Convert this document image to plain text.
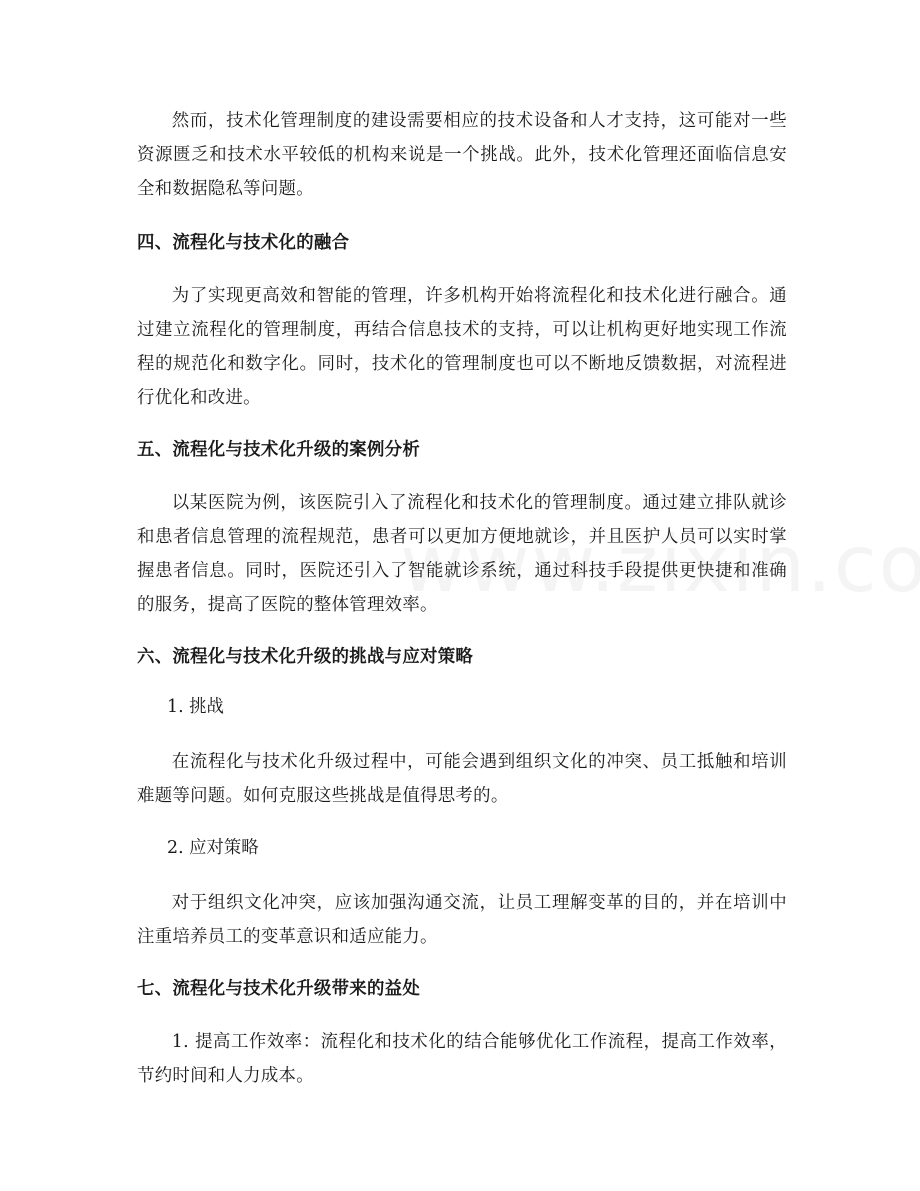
然而，技术化管理制度的建设需要相应的技术设备和人才支持，这可能对一些资源匮乏和技术水平较低的机构来说是一个挑战。此外，技术化管理还面临信息安全和数据隐私等问题。

四、流程化与技术化的融合

为了实现更高效和智能的管理，许多机构开始将流程化和技术化进行融合。通过建立流程化的管理制度，再结合信息技术的支持，可以让机构更好地实现工作流程的规范化和数字化。同时，技术化的管理制度也可以不断地反馈数据，对流程进行优化和改进。

五、流程化与技术化升级的案例分析

以某医院为例，该医院引入了流程化和技术化的管理制度。通过建立排队就诊和患者信息管理的流程规范，患者可以更加方便地就诊，并且医护人员可以实时掌握患者信息。同时，医院还引入了智能就诊系统，通过科技手段提供更快捷和准确的服务，提高了医院的整体管理效率。

六、流程化与技术化升级的挑战与应对策略

1. 挑战

在流程化与技术化升级过程中，可能会遇到组织文化的冲突、员工抵触和培训难题等问题。如何克服这些挑战是值得思考的。

2. 应对策略

对于组织文化冲突，应该加强沟通交流，让员工理解变革的目的，并在培训中注重培养员工的变革意识和适应能力。

七、流程化与技术化升级带来的益处

1. 提高工作效率：流程化和技术化的结合能够优化工作流程，提高工作效率，节约时间和人力成本。
